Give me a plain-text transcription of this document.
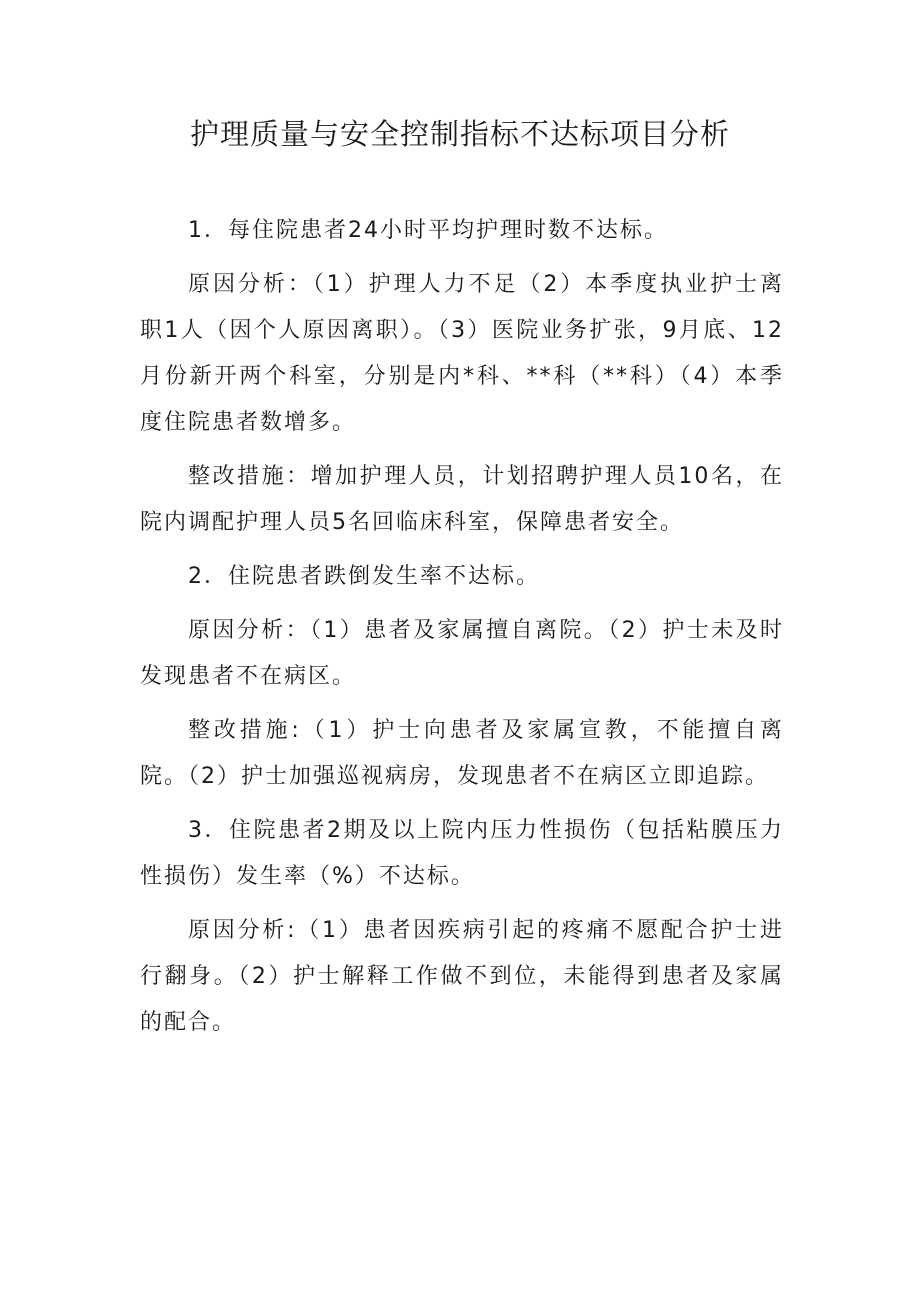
护理质量与安全控制指标不达标项目分析

1．每住院患者24小时平均护理时数不达标。

原因分析：（1）护理人力不足（2）本季度执业护士离职1人（因个人原因离职）。（3）医院业务扩张，9月底、12月份新开两个科室，分别是内*科、**科（**科）（4）本季度住院患者数增多。

整改措施：增加护理人员，计划招聘护理人员10名，在院内调配护理人员5名回临床科室，保障患者安全。

2．住院患者跌倒发生率不达标。

原因分析：（1）患者及家属擅自离院。（2）护士未及时发现患者不在病区。

整改措施:（1）护士向患者及家属宣教，不能擅自离院。（2）护士加强巡视病房，发现患者不在病区立即追踪。

3．住院患者2期及以上院内压力性损伤（包括粘膜压力性损伤）发生率（%）不达标。

原因分析:（1）患者因疾病引起的疼痛不愿配合护士进行翻身。（2）护士解释工作做不到位，未能得到患者及家属的配合。
